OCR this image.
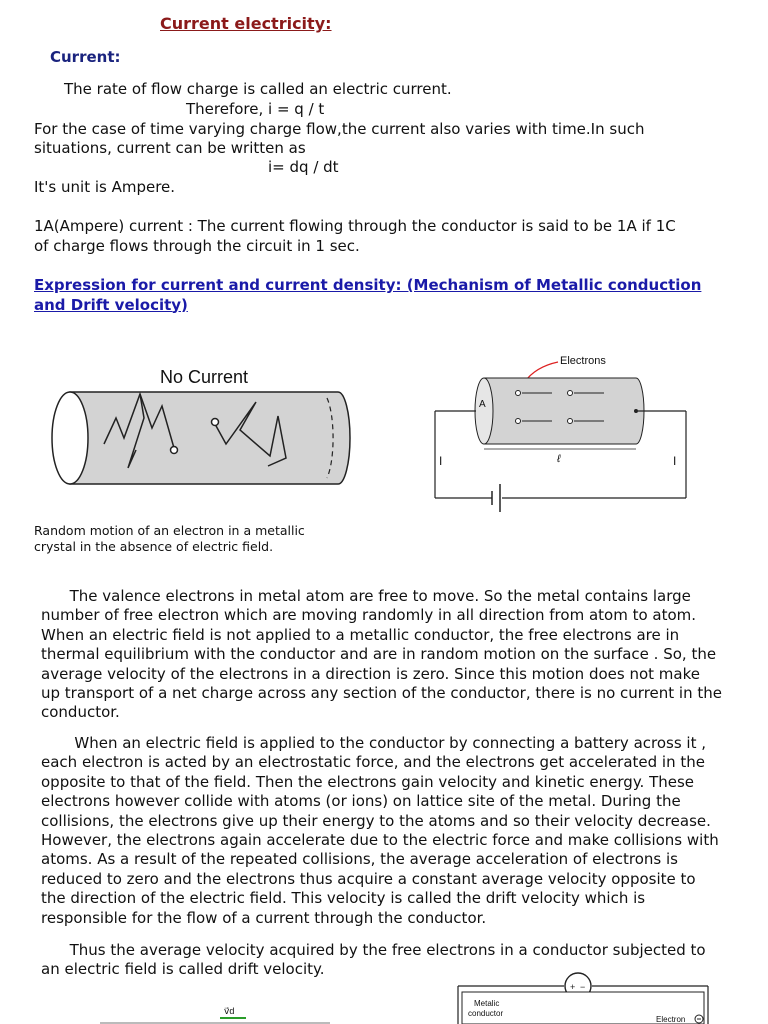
Current electricity:
Current:
The rate of flow charge is called an electric current.
Therefore, i = q / t
For the case of time varying charge flow,the current also varies with time.In such
situations, current can be written as
i= dq / dt
It's unit is Ampere.
1A(Ampere) current : The current flowing through the conductor is said to be 1A if 1C
of charge flows through the circuit in 1 sec.
Expression for current and current density: (Mechanism of Metallic conduction
and Drift velocity)
No Current
Random motion of an electron in a metallic
crystal in the absence of electric field.
Electrons
A
I	I
ℓ
The valence electrons in metal atom are free to move. So the metal contains large
number of free electron which are moving randomly in all direction from atom to atom.
When an electric field is not applied to a metallic conductor, the free electrons are in
thermal equilibrium with the conductor and are in random motion on the surface . So, the
average velocity of the electrons in a direction is zero. Since this motion does not make
up transport of a net charge across any section of the conductor, there is no current in the
conductor.
When an electric field is applied to the conductor by connecting a battery across it ,
each electron is acted by an electrostatic force, and the electrons get accelerated in the
opposite to that of the field. Then the electrons gain velocity and kinetic energy. These
electrons however collide with atoms (or ions) on lattice site of the metal. During the
collisions, the electrons give up their energy to the atoms and so their velocity decrease.
However, the electrons again accelerate due to the electric force and make collisions with
atoms. As a result of the repeated collisions, the average acceleration of electrons is
reduced to zero and the electrons thus acquire a constant average velocity opposite to
the direction of the electric field. This velocity is called the drift velocity which is
responsible for the flow of a current through the conductor.
Thus the average velocity acquired by the free electrons in a conductor subjected to
an electric field is called drift velocity.
v⃗d
+ −
Metalic
conductor
Electron
